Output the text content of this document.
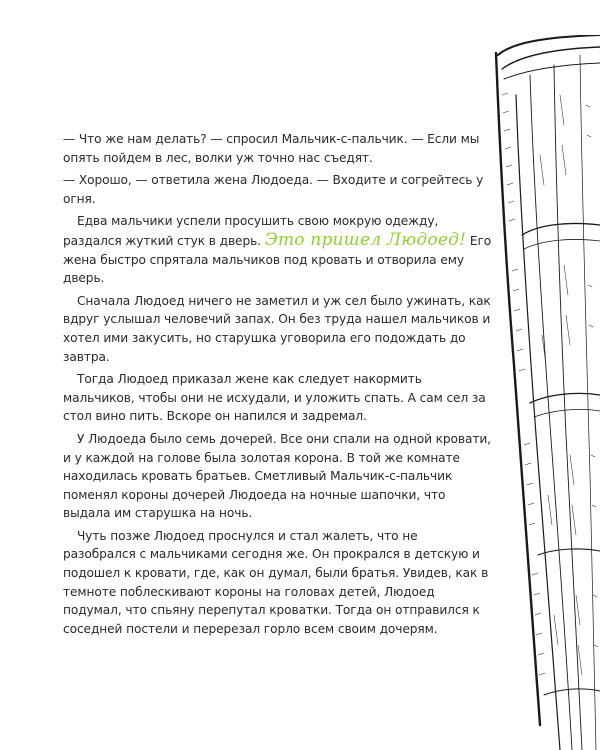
— Что же нам делать? — спросил Мальчик-с-пальчик. — Если мы опять пойдем в лес, волки уж точно нас съедят.

— Хорошо, — ответила жена Людоеда. — Входите и согрейтесь у огня.

Едва мальчики успели просушить свою мокрую одежду, раздался жуткий стук в дверь. Это пришел Людоед! Его жена быстро спрятала мальчиков под кровать и отворила ему дверь.

Сначала Людоед ничего не заметил и уж сел было ужинать, как вдруг услышал человечий запах. Он без труда нашел мальчиков и хотел ими закусить, но старушка уговорила его подождать до завтра.

Тогда Людоед приказал жене как следует накормить мальчиков, чтобы они не исхудали, и уложить спать. А сам сел за стол вино пить. Вскоре он напился и задремал.

У Людоеда было семь дочерей. Все они спали на одной кровати, и у каждой на голове была золотая корона. В той же комнате находилась кровать братьев. Сметливый Мальчик-с-пальчик поменял короны дочерей Людоеда на ночные шапочки, что выдала им старушка на ночь.

Чуть позже Людоед проснулся и стал жалеть, что не разобрался с мальчиками сегодня же. Он прокрался в детскую и подошел к кровати, где, как он думал, были братья. Увидев, как в темноте поблескивают короны на головах детей, Людоед подумал, что спьяну перепутал кроватки. Тогда он отправился к соседней постели и перерезал горло всем своим дочерям.
